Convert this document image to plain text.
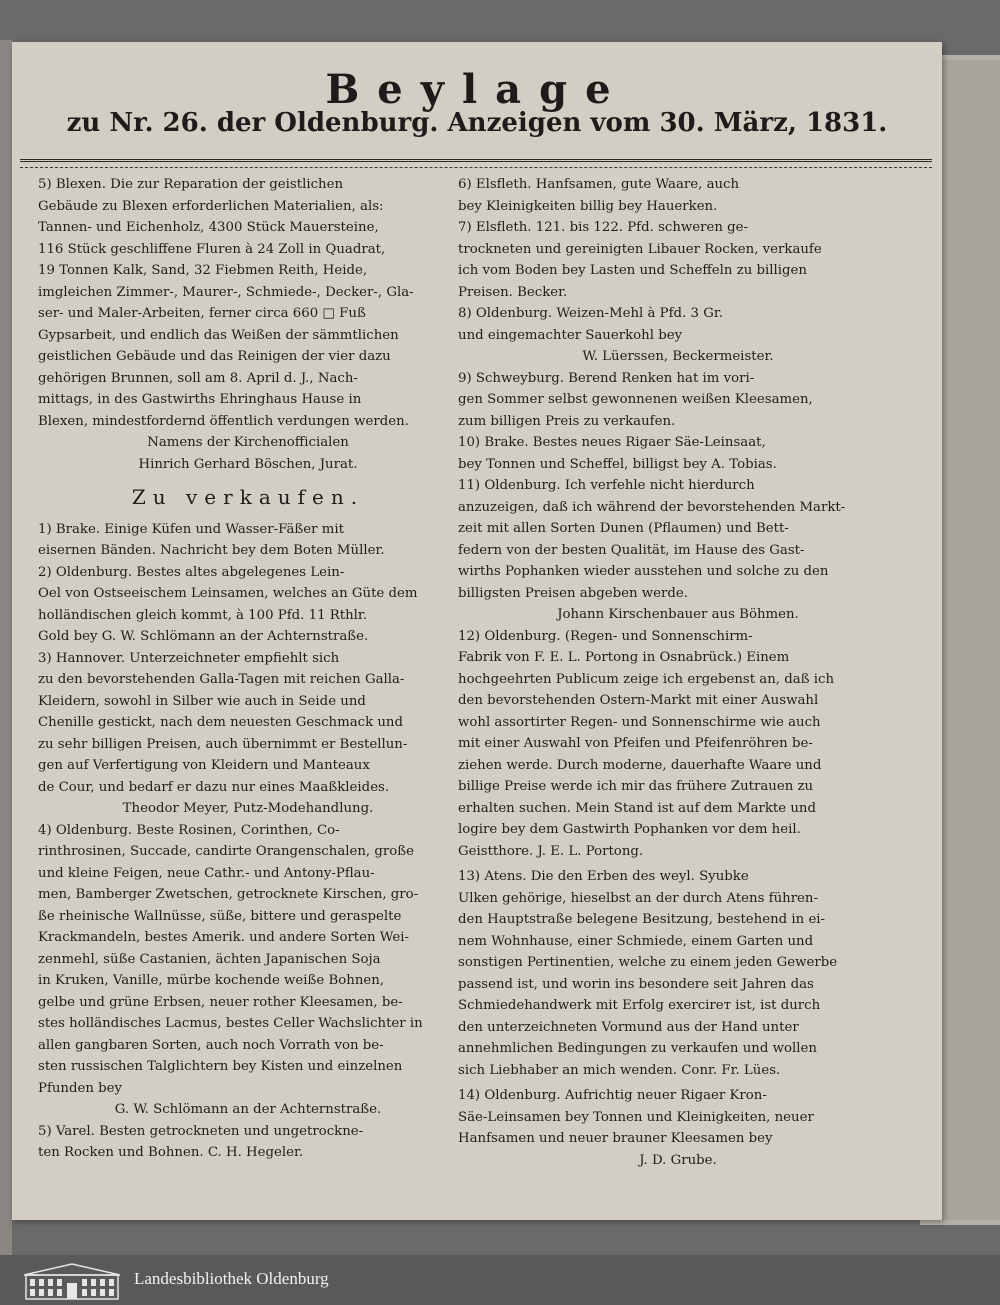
Beylage
zu Nr. 26. der Oldenburg. Anzeigen vom 30. März, 1831.

5) Blexen. Die zur Reparation der geistlichen

Gebäude zu Blexen erforderlichen Materialien, als:

Tannen- und Eichenholz, 4300 Stück Mauersteine,

116 Stück geschliffene Fluren à 24 Zoll in Quadrat,

19 Tonnen Kalk, Sand, 32 Fiebmen Reith, Heide,

imgleichen Zimmer-, Maurer-, Schmiede-, Decker-, Gla-

ser- und Maler-Arbeiten, ferner circa 660 □ Fuß

Gypsarbeit, und endlich das Weißen der sämmtlichen

geistlichen Gebäude und das Reinigen der vier dazu

gehörigen Brunnen, soll am 8. April d. J., Nach-

mittags, in des Gastwirths Ehringhaus Hause in

Blexen, mindestfordernd öffentlich verdungen werden.

Namens der Kirchenofficialen

Hinrich Gerhard Böschen, Jurat.

Zu verkaufen.

1) Brake. Einige Küfen und Wasser-Fäßer mit

eisernen Bänden. Nachricht bey dem Boten Müller.

2) Oldenburg. Bestes altes abgelegenes Lein-

Oel von Ostseeischem Leinsamen, welches an Güte dem

holländischen gleich kommt, à 100 Pfd. 11 Rthlr.

Gold bey G. W. Schlömann an der Achternstraße.

3) Hannover. Unterzeichneter empfiehlt sich

zu den bevorstehenden Galla-Tagen mit reichen Galla-

Kleidern, sowohl in Silber wie auch in Seide und

Chenille gestickt, nach dem neuesten Geschmack und

zu sehr billigen Preisen, auch übernimmt er Bestellun-

gen auf Verfertigung von Kleidern und Manteaux

de Cour, und bedarf er dazu nur eines Maaßkleides.

Theodor Meyer, Putz-Modehandlung.

4) Oldenburg. Beste Rosinen, Corinthen, Co-

rinthrosinen, Succade, candirte Orangenschalen, große

und kleine Feigen, neue Cathr.- und Antony-Pflau-

men, Bamberger Zwetschen, getrocknete Kirschen, gro-

ße rheinische Wallnüsse, süße, bittere und geraspelte

Krackmandeln, bestes Amerik. und andere Sorten Wei-

zenmehl, süße Castanien, ächten Japanischen Soja

in Kruken, Vanille, mürbe kochende weiße Bohnen,

gelbe und grüne Erbsen, neuer rother Kleesamen, be-

stes holländisches Lacmus, bestes Celler Wachslichter in

allen gangbaren Sorten, auch noch Vorrath von be-

sten russischen Talglichtern bey Kisten und einzelnen

Pfunden bey

G. W. Schlömann an der Achternstraße.

5) Varel. Besten getrockneten und ungetrockne-

ten Rocken und Bohnen. C. H. Hegeler.

6) Elsfleth. Hanfsamen, gute Waare, auch

bey Kleinigkeiten billig bey Hauerken.

7) Elsfleth. 121. bis 122. Pfd. schweren ge-

trockneten und gereinigten Libauer Rocken, verkaufe

ich vom Boden bey Lasten und Scheffeln zu billigen

Preisen. Becker.

8) Oldenburg. Weizen-Mehl à Pfd. 3 Gr.

und eingemachter Sauerkohl bey

W. Lüerssen, Beckermeister.

9) Schweyburg. Berend Renken hat im vori-

gen Sommer selbst gewonnenen weißen Kleesamen,

zum billigen Preis zu verkaufen.

10) Brake. Bestes neues Rigaer Säe-Leinsaat,

bey Tonnen und Scheffel, billigst bey A. Tobias.

11) Oldenburg. Ich verfehle nicht hierdurch

anzuzeigen, daß ich während der bevorstehenden Markt-

zeit mit allen Sorten Dunen (Pflaumen) und Bett-

federn von der besten Qualität, im Hause des Gast-

wirths Pophanken wieder ausstehen und solche zu den

billigsten Preisen abgeben werde.

Johann Kirschenbauer aus Böhmen.

12) Oldenburg. (Regen- und Sonnenschirm-

Fabrik von F. E. L. Portong in Osnabrück.) Einem

hochgeehrten Publicum zeige ich ergebenst an, daß ich

den bevorstehenden Ostern-Markt mit einer Auswahl

wohl assortirter Regen- und Sonnenschirme wie auch

mit einer Auswahl von Pfeifen und Pfeifenröhren be-

ziehen werde. Durch moderne, dauerhafte Waare und

billige Preise werde ich mir das frühere Zutrauen zu

erhalten suchen. Mein Stand ist auf dem Markte und

logire bey dem Gastwirth Pophanken vor dem heil.

Geistthore. J. E. L. Portong.

13) Atens. Die den Erben des weyl. Syubke

Ulken gehörige, hieselbst an der durch Atens führen-

den Hauptstraße belegene Besitzung, bestehend in ei-

nem Wohnhause, einer Schmiede, einem Garten und

sonstigen Pertinentien, welche zu einem jeden Gewerbe

passend ist, und worin ins besondere seit Jahren das

Schmiedehandwerk mit Erfolg exercirет ist, ist durch

den unterzeichneten Vormund aus der Hand unter

annehmlichen Bedingungen zu verkaufen und wollen

sich Liebhaber an mich wenden. Conr. Fr. Lües.

14) Oldenburg. Aufrichtig neuer Rigaer Kron-

Säe-Leinsamen bey Tonnen und Kleinigkeiten, neuer

Hanfsamen und neuer brauner Kleesamen bey

J. D. Grube.

Landesbibliothek Oldenburg
